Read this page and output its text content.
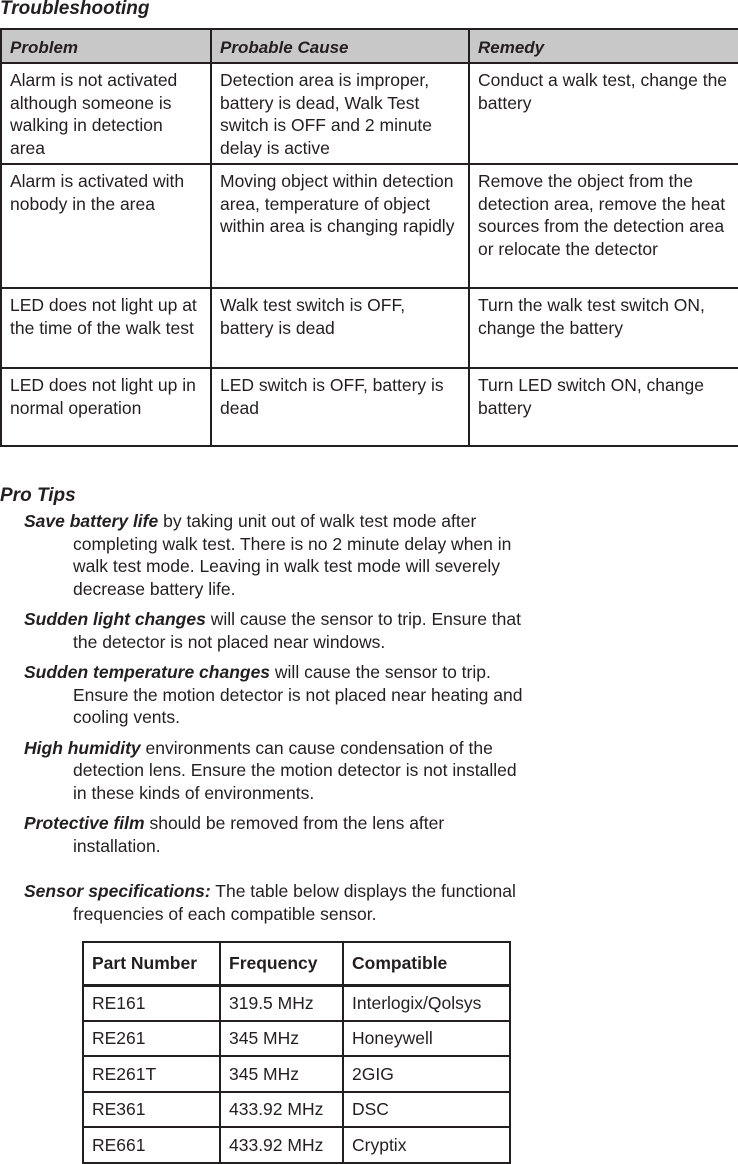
Troubleshooting
Problem	Probable Cause	Remedy
Alarm is not activated although someone is walking in detection area	Detection area is improper, battery is dead, Walk Test switch is OFF and 2 minute delay is active	Conduct a walk test, change the battery
Alarm is activated with nobody in the area	Moving object within detection area, temperature of object within area is changing rapidly	Remove the object from the detection area, remove the heat sources from the detection area or relocate the detector
LED does not light up at the time of the walk test	Walk test switch is OFF, battery is dead	Turn the walk test switch ON, change the battery
LED does not light up in normal operation	LED switch is OFF, battery is dead	Turn LED switch ON, change battery
Pro Tips

Save battery life by taking unit out of walk test mode after completing walk test. There is no 2 minute delay when in walk test mode. Leaving in walk test mode will severely decrease battery life.

Sudden light changes will cause the sensor to trip. Ensure that the detector is not placed near windows.

Sudden temperature changes will cause the sensor to trip. Ensure the motion detector is not placed near heating and cooling vents.

High humidity environments can cause condensation of the detection lens. Ensure the motion detector is not installed in these kinds of environments.

Protective film should be removed from the lens after installation.

Sensor specifications: The table below displays the functional frequencies of each compatible sensor.

Part Number	Frequency	Compatible
RE161	319.5 MHz	Interlogix/Qolsys
RE261	345 MHz	Honeywell
RE261T	345 MHz	2GIG
RE361	433.92 MHz	DSC
RE661	433.92 MHz	Cryptix
